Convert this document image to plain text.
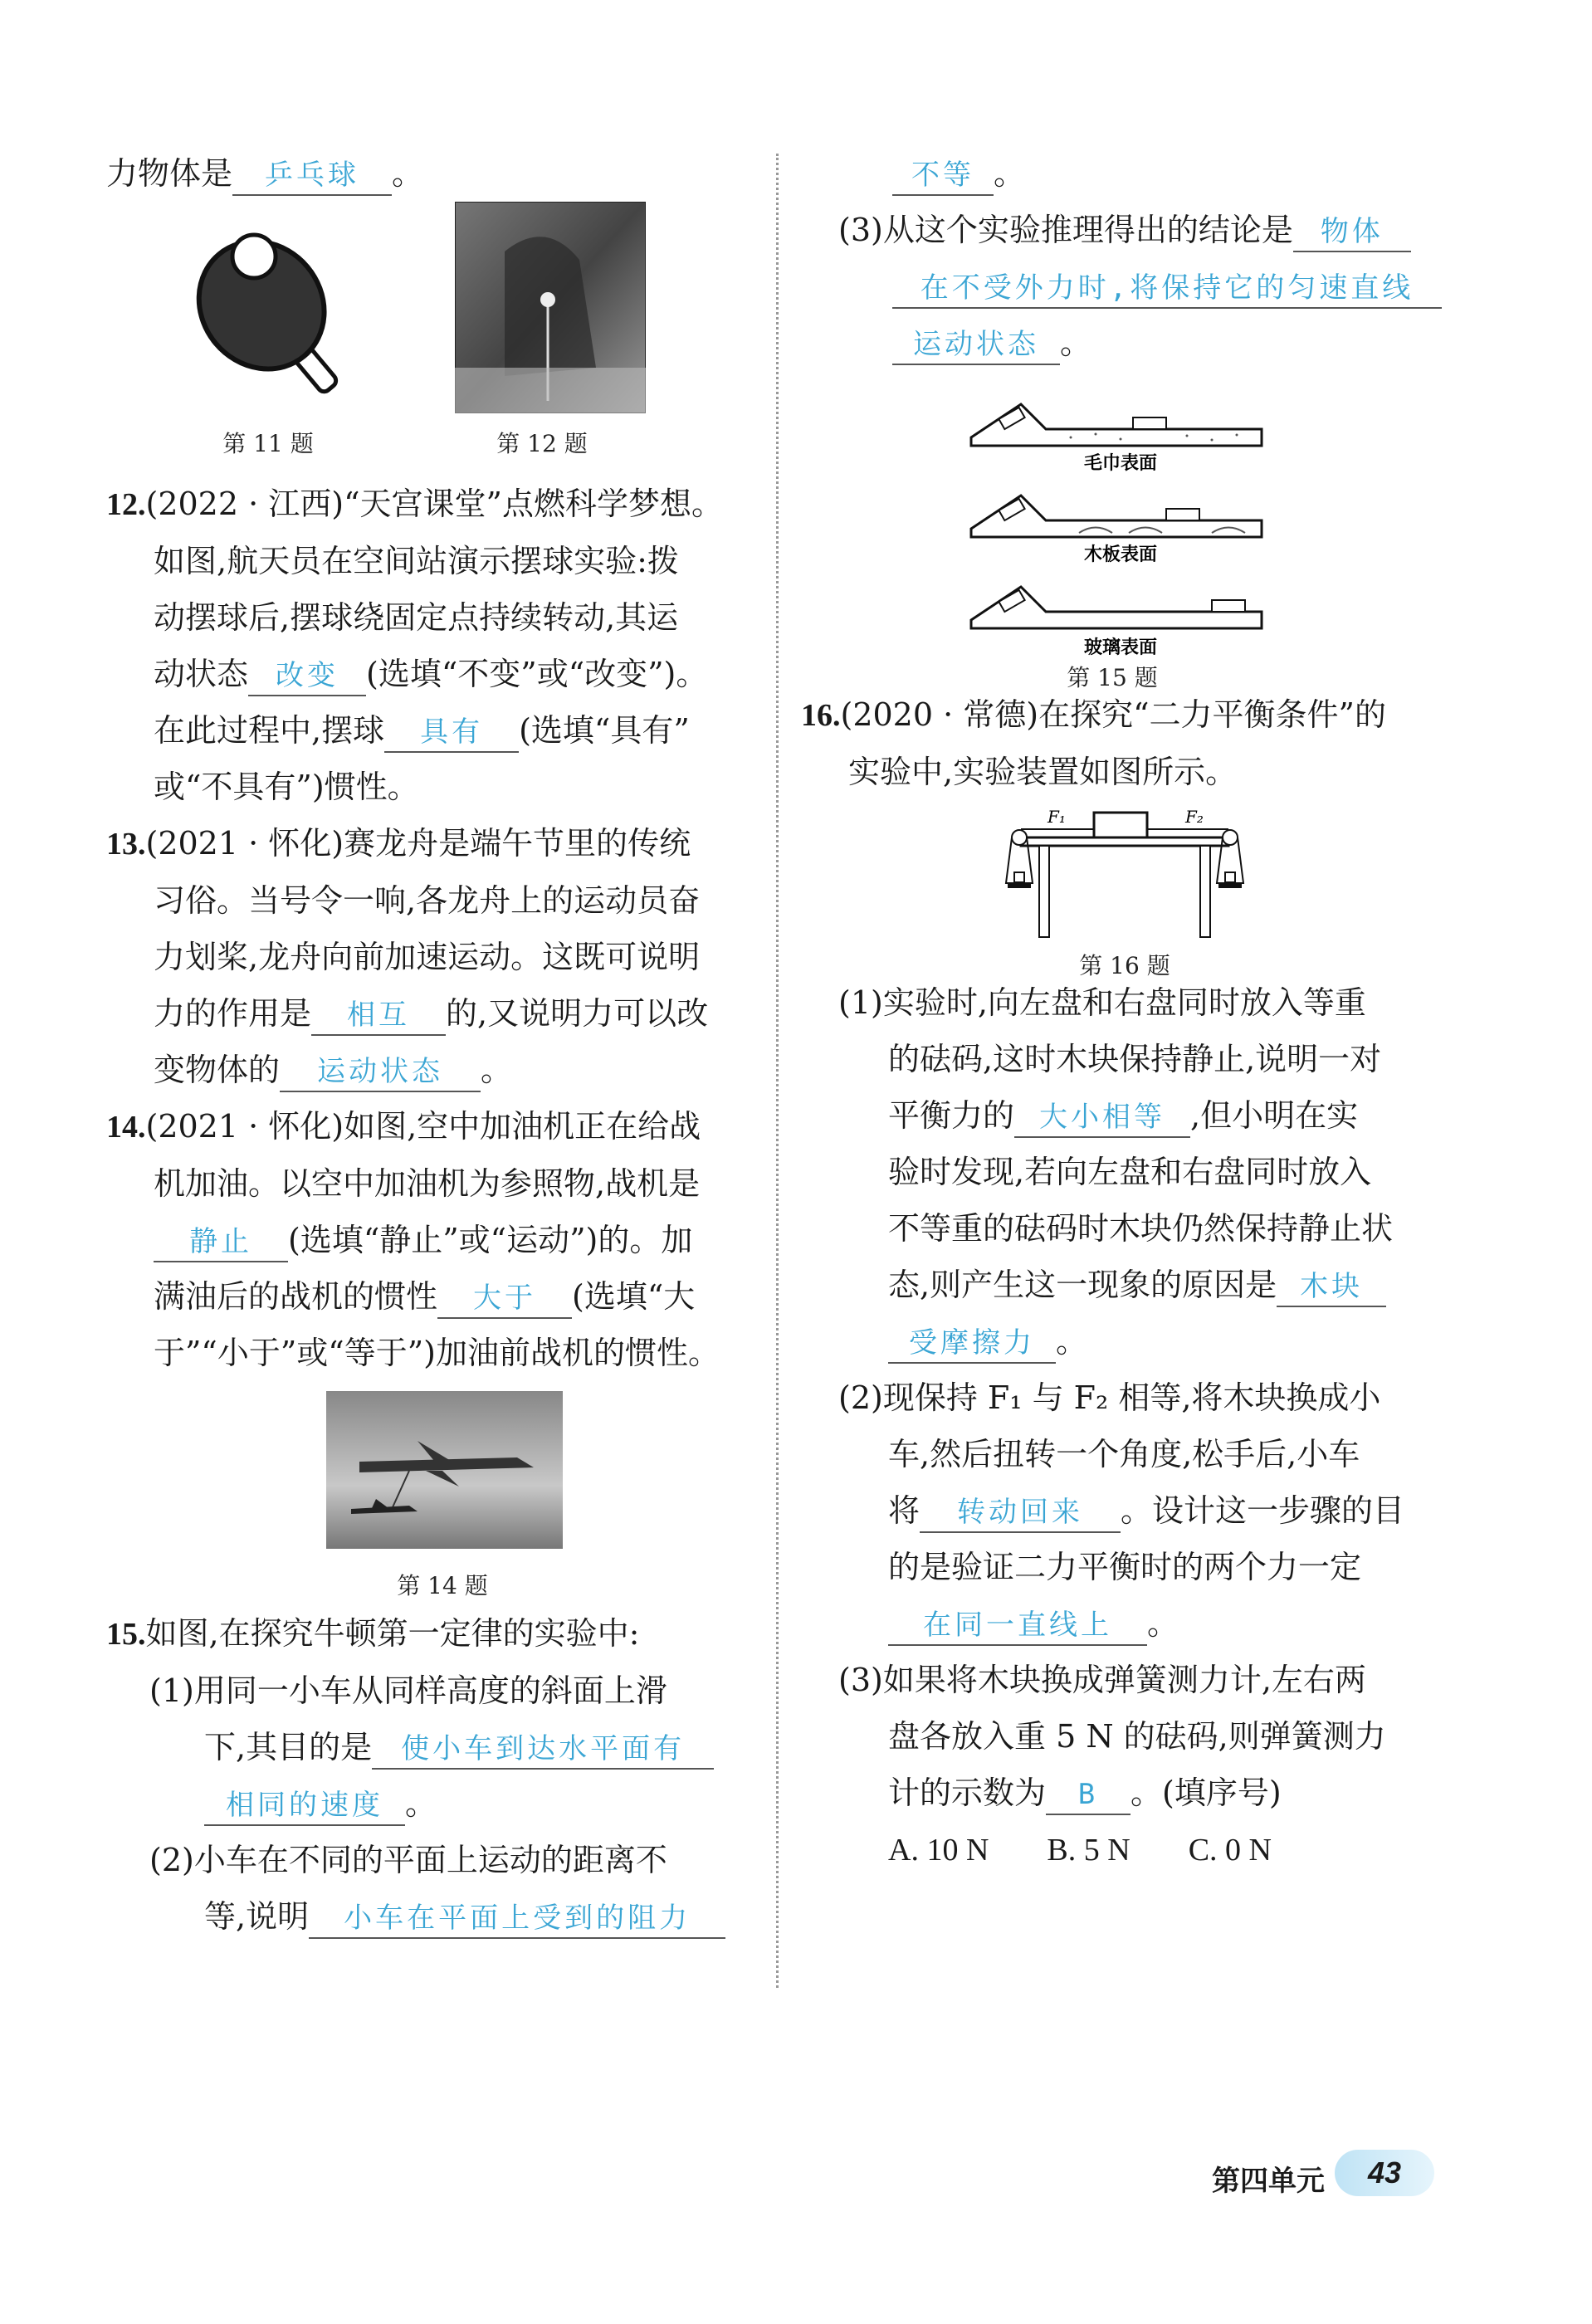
力物体是 乒乓球 。
第 11 题	第 12 题
12.(2022 · 江西)“天宫课堂”点燃科学梦想。
如图,航天员在空间站演示摆球实验:拨
动摆球后,摆球绕固定点持续转动,其运
动状态 改变 (选填“不变”或“改变”)。
在此过程中,摆球 具有 (选填“具有”
或“不具有”)惯性。
13.(2021 · 怀化)赛龙舟是端午节里的传统
习俗。当号令一响,各龙舟上的运动员奋
力划桨,龙舟向前加速运动。这既可说明
力的作用是 相互 的,又说明力可以改
变物体的 运动状态 。
14.(2021 · 怀化)如图,空中加油机正在给战
机加油。以空中加油机为参照物,战机是
静止 (选填“静止”或“运动”)的。加
满油后的战机的惯性 大于 (选填“大
于”“小于”或“等于”)加油前战机的惯性。
第 14 题
15.如图,在探究牛顿第一定律的实验中:
(1)用同一小车从同样高度的斜面上滑
下,其目的是 使小车到达水平面有
相同的速度 。
(2)小车在不同的平面上运动的距离不
等,说明 小车在平面上受到的阻力
不等 。
(3)从这个实验推理得出的结论是 物体
在不受外力时,将保持它的匀速直线
运动状态 。
毛巾表面
木板表面
玻璃表面
第 15 题
16.(2020 · 常德)在探究“二力平衡条件”的
实验中,实验装置如图所示。
F₁	F₂
第 16 题
(1)实验时,向左盘和右盘同时放入等重
的砝码,这时木块保持静止,说明一对
平衡力的 大小相等 ,但小明在实
验时发现,若向左盘和右盘同时放入
不等重的砝码时木块仍然保持静止状
态,则产生这一现象的原因是 木块
受摩擦力 。
(2)现保持 F₁ 与 F₂ 相等,将木块换成小
车,然后扭转一个角度,松手后,小车
将 转动回来 。设计这一步骤的目
的是验证二力平衡时的两个力一定
在同一直线上 。
(3)如果将木块换成弹簧测力计,左右两
盘各放入重 5 N 的砝码,则弹簧测力
计的示数为 B 。(填序号)
A. 10 N B. 5 N C. 0 N
第四单元	43
